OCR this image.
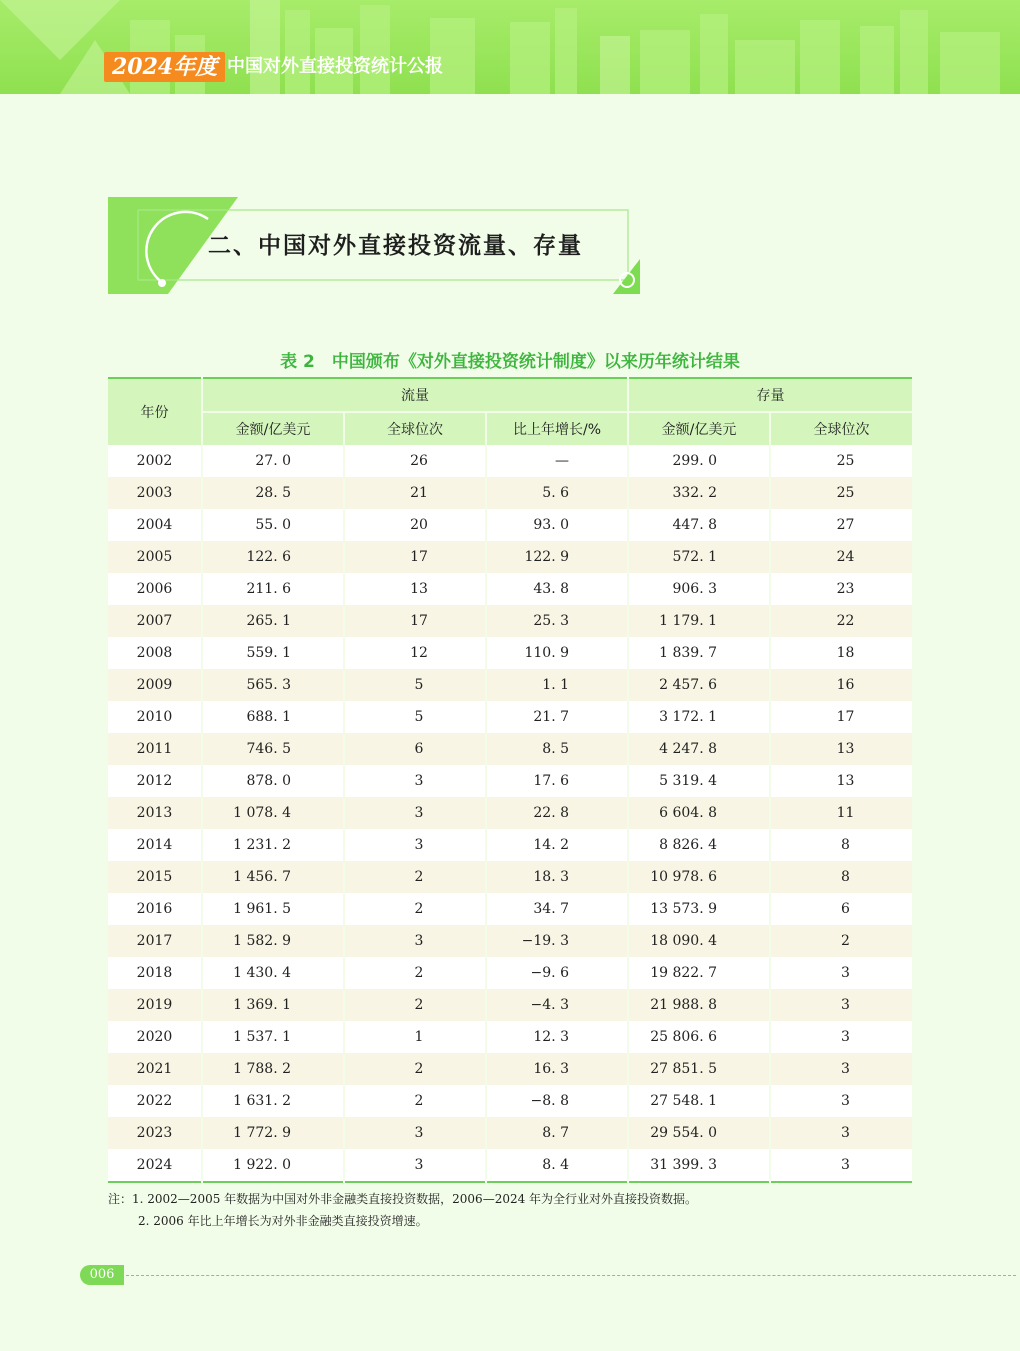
2024年度 中国对外直接投资统计公报
二、中国对外直接投资流量、存量
表 2　中国颁布《对外直接投资统计制度》以来历年统计结果
年份	流量			存量	
	金额/亿美元	全球位次	比上年增长/%	金额/亿美元	全球位次
2002	27. 0	26	—	299. 0	25
2003	28. 5	21	5. 6	332. 2	25
2004	55. 0	20	93. 0	447. 8	27
2005	122. 6	17	122. 9	572. 1	24
2006	211. 6	13	43. 8	906. 3	23
2007	265. 1	17	25. 3	1 179. 1	22
2008	559. 1	12	110. 9	1 839. 7	18
2009	565. 3	5	1. 1	2 457. 6	16
2010	688. 1	5	21. 7	3 172. 1	17
2011	746. 5	6	8. 5	4 247. 8	13
2012	878. 0	3	17. 6	5 319. 4	13
2013	1 078. 4	3	22. 8	6 604. 8	11
2014	1 231. 2	3	14. 2	8 826. 4	8
2015	1 456. 7	2	18. 3	10 978. 6	8
2016	1 961. 5	2	34. 7	13 573. 9	6
2017	1 582. 9	3	−19. 3	18 090. 4	2
2018	1 430. 4	2	−9. 6	19 822. 7	3
2019	1 369. 1	2	−4. 3	21 988. 8	3
2020	1 537. 1	1	12. 3	25 806. 6	3
2021	1 788. 2	2	16. 3	27 851. 5	3
2022	1 631. 2	2	−8. 8	27 548. 1	3
2023	1 772. 9	3	8. 7	29 554. 0	3
2024	1 922. 0	3	8. 4	31 399. 3	3
注：1. 2002—2005 年数据为中国对外非金融类直接投资数据，2006—2024 年为全行业对外直接投资数据。
2. 2006 年比上年增长为对外非金融类直接投资增速。
006
